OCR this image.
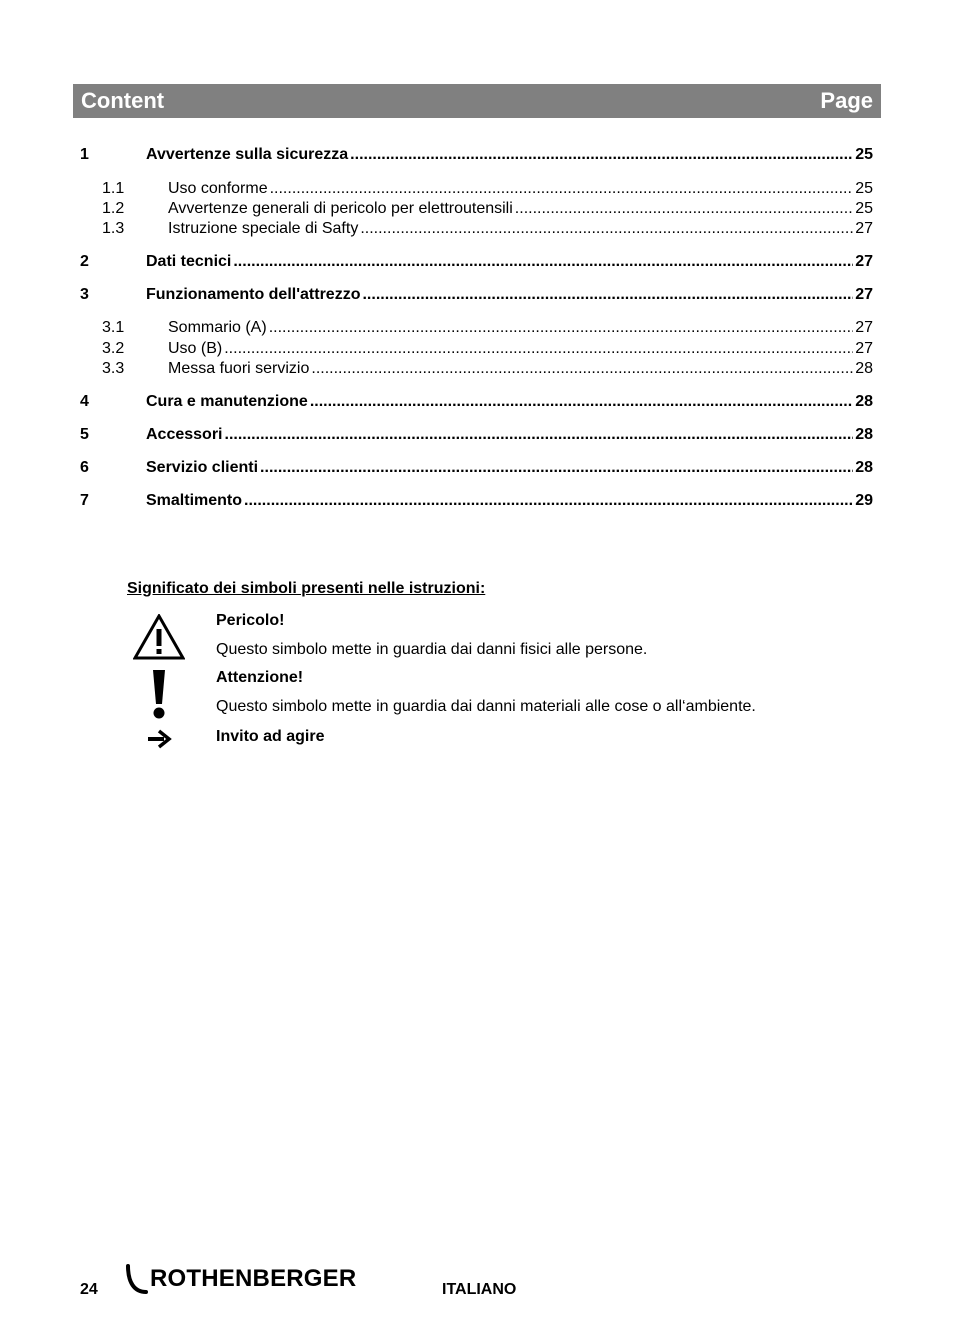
Content	Page
1	Avvertenze sulla sicurezza .....	25
1.1	Uso conforme .....	25
1.2	Avvertenze generali di pericolo per elettroutensili .....	25
1.3	Istruzione speciale di Safty .....	27
2	Dati tecnici .....	27
3	Funzionamento dell'attrezzo .....	27
3.1	Sommario (A) .....	27
3.2	Uso (B) .....	27
3.3	Messa fuori servizio .....	28
4	Cura e manutenzione .....	28
5	Accessori .....	28
6	Servizio clienti .....	28
7	Smaltimento .....	29
Significato dei simboli presenti nelle istruzioni:
Pericolo!
Questo simbolo mette in guardia dai danni fisici alle persone.
Attenzione!
Questo simbolo mette in guardia dai danni materiali alle cose o all‘ambiente.
Invito ad agire
24 ROTHENBERGER	ITALIANO
